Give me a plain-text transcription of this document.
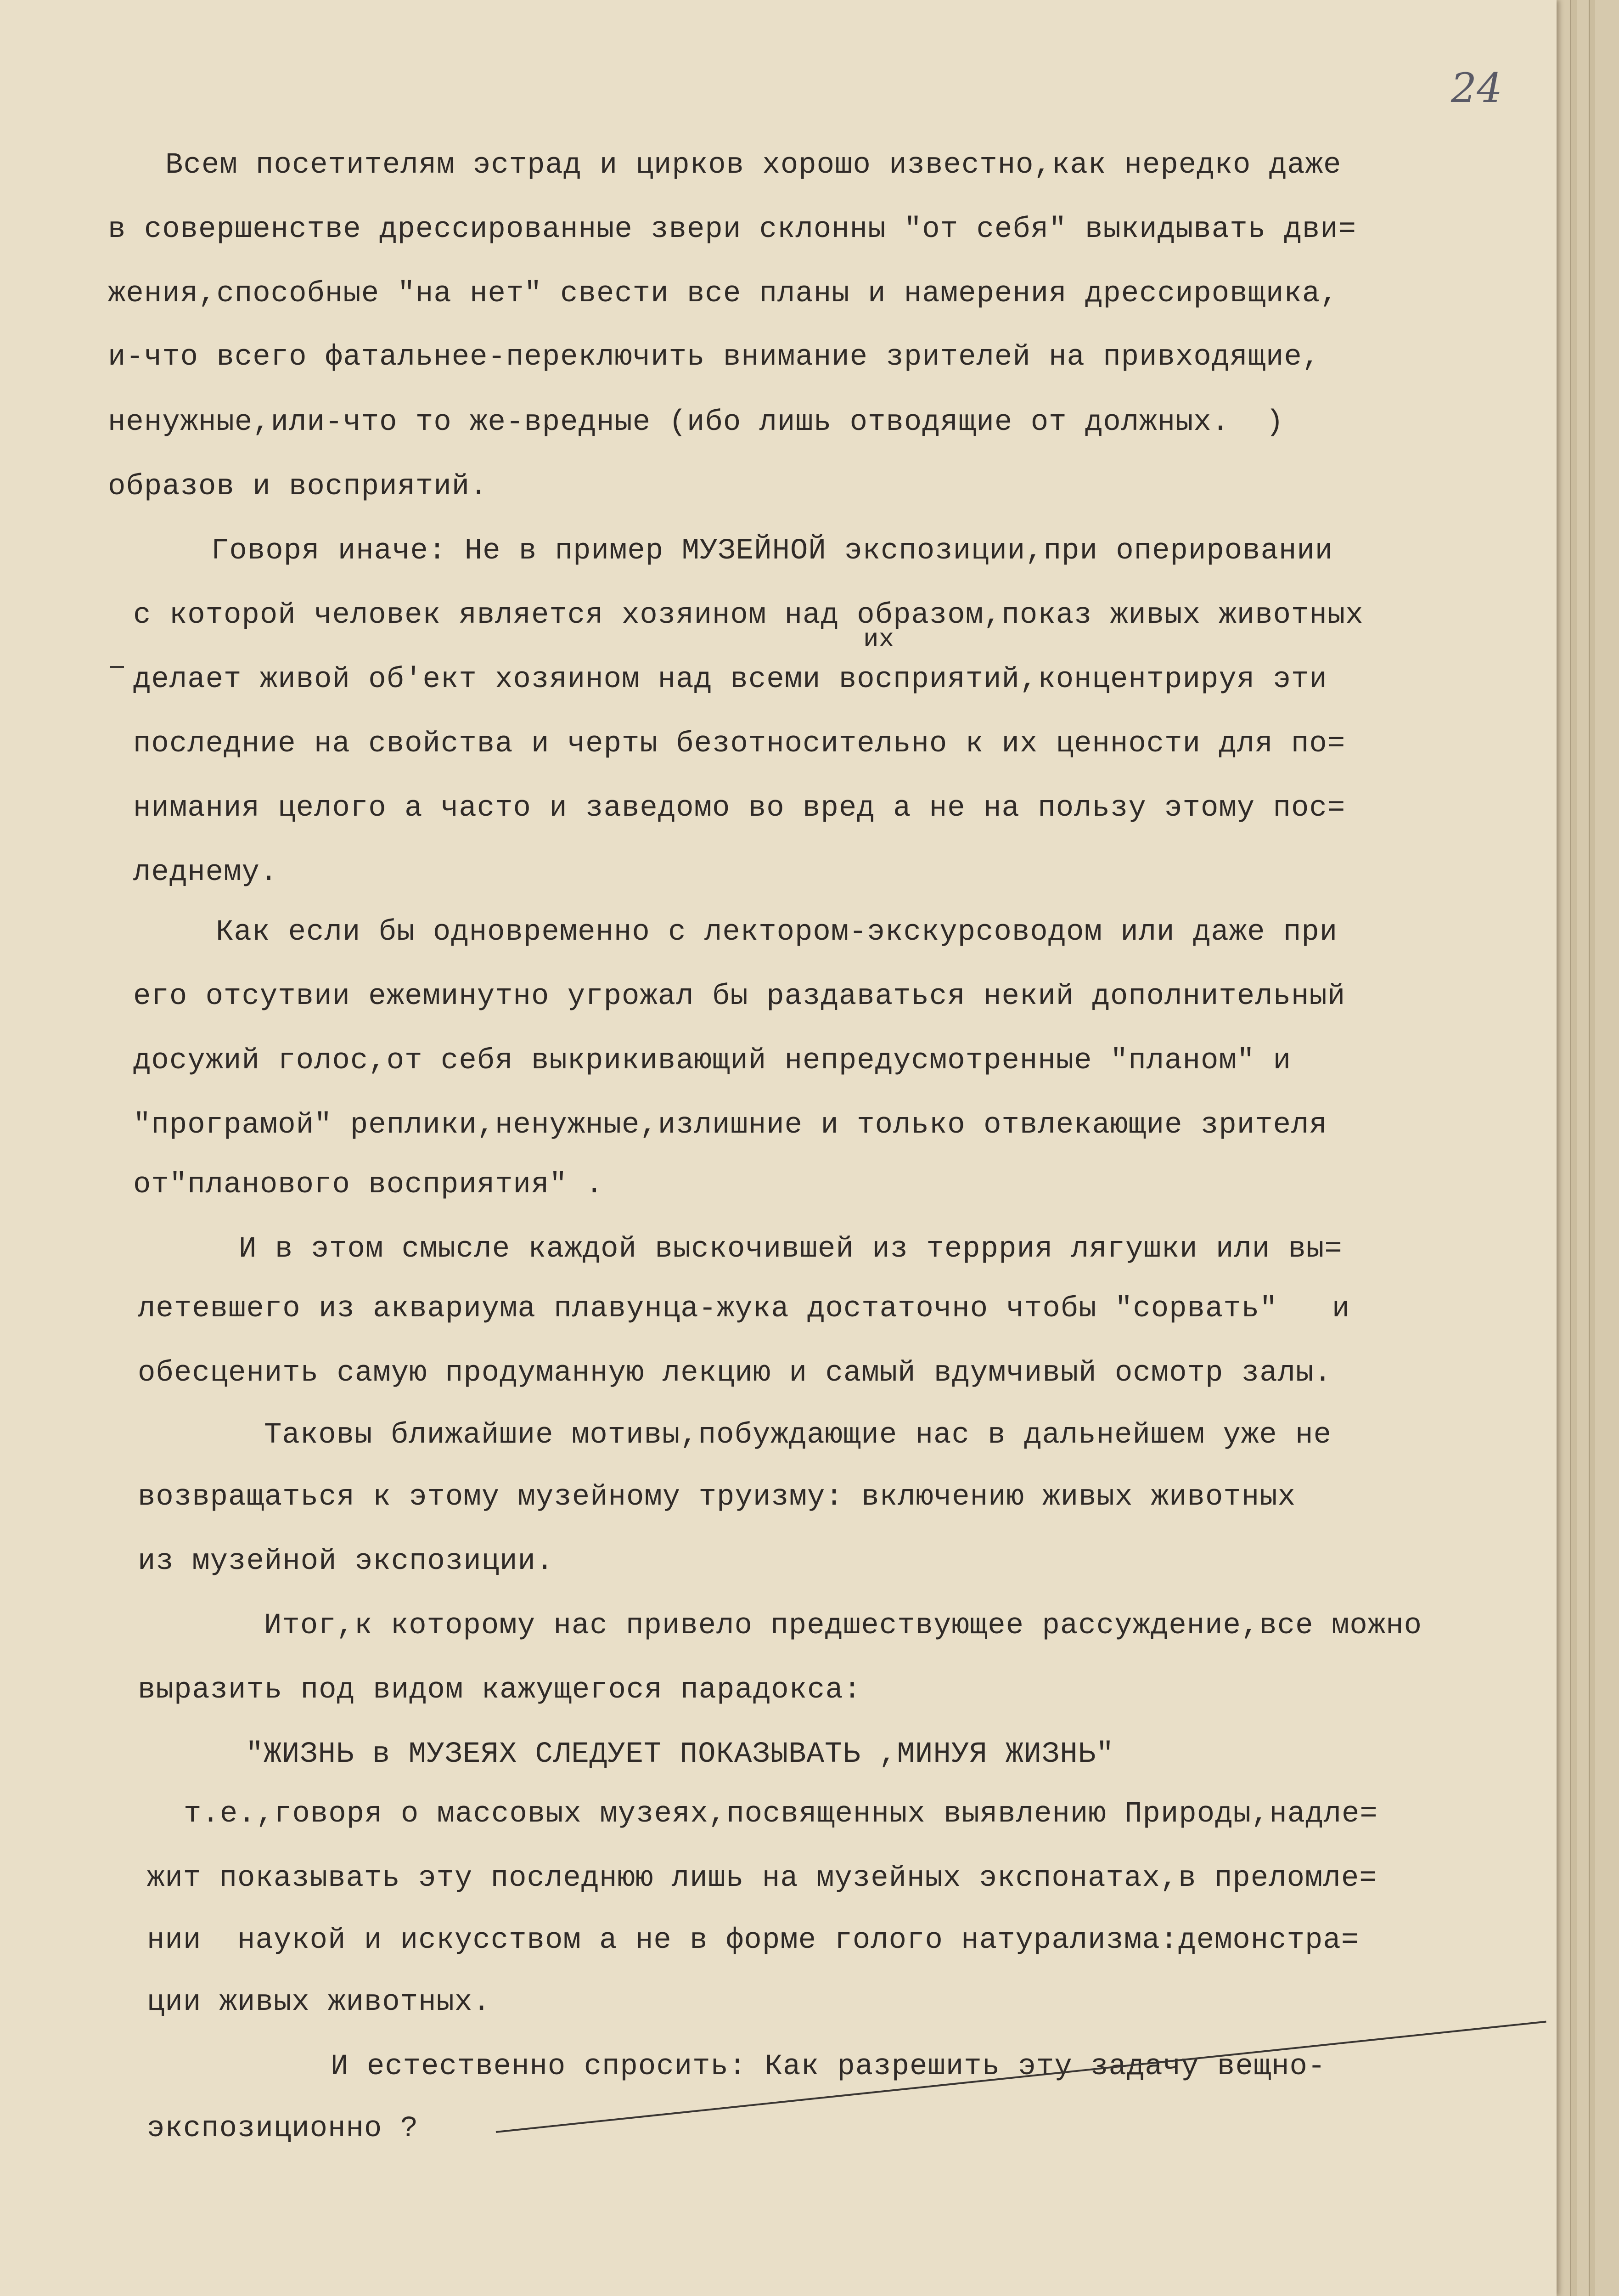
24
Всем посетителям эстрад и цирков хорошо известно,как нередко даже
в совершенстве дрессированные звери склонны "от себя" выкидывать дви=
жения,способные "на нет" свести все планы и намерения дрессировщика,
и-что всего фатальнее-переключить внимание зрителей на привходящие,
ненужные,или-что то же-вредные (ибо лишь отводящие от должных.  )
образов и восприятий.
Говоря иначе: Не в пример МУЗЕЙНОЙ экспозиции,при оперировании
с которой человек является хозяином над образом,показ живых животных
их
делает живой об'ект хозяином над всеми восприятий,концентрируя эти
последние на свойства и черты безотносительно к их ценности для по=
нимания целого а часто и заведомо во вред а не на пользу этому пос=
леднему.
Как если бы одновременно с лектором-экскурсоводом или даже при
его отсутвии ежеминутно угрожал бы раздаваться некий дополнительный
досужий голос,от себя выкрикивающий непредусмотренные "планом" и
"програмой" реплики,ненужные,излишние и только отвлекающие зрителя
от"планового восприятия" .
И в этом смысле каждой выскочившей из терррия лягушки или вы=
летевшего из аквариума плавунца-жука достаточно чтобы "сорвать"   и
обесценить самую продуманную лекцию и самый вдумчивый осмотр залы.
Таковы ближайшие мотивы,побуждающие нас в дальнейшем уже не
возвращаться к этому музейному труизму: включению живых животных
из музейной экспозиции.
Итог,к которому нас привело предшествующее рассуждение,все можно
выразить под видом кажущегося парадокса:
"ЖИЗНЬ в МУЗЕЯХ СЛЕДУЕТ ПОКАЗЫВАТЬ ,МИНУЯ ЖИЗНЬ"
т.е.,говоря о массовых музеях,посвященных выявлению Природы,надле=
жит показывать эту последнюю лишь на музейных экспонатах,в преломле=
нии  наукой и искусством а не в форме голого натурализма:демонстра=
ции живых животных.
И естественно спросить: Как разрешить эту задачу вещно-
экспозиционно ?
